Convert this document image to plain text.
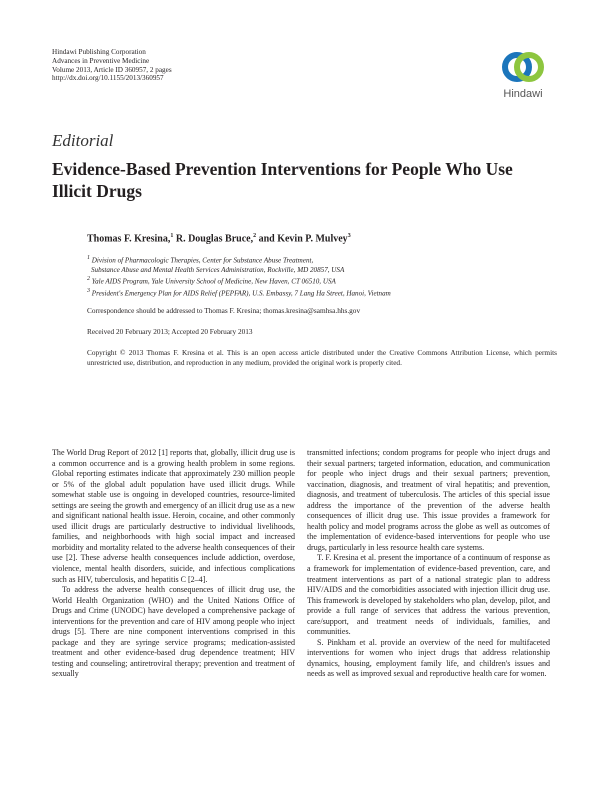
Hindawi Publishing Corporation
Advances in Preventive Medicine
Volume 2013, Article ID 360957, 2 pages
http://dx.doi.org/10.1155/2013/360957
Hindawi
Editorial
Evidence-Based Prevention Interventions for People Who Use Illicit Drugs
Thomas F. Kresina,$^1$ R. Douglas Bruce,$^2$ and Kevin P. Mulvey$^3$
$^1$ Division of Pharmacologic Therapies, Center for Substance Abuse Treatment,
Substance Abuse and Mental Health Services Administration, Rockville, MD 20857, USA
$^2$ Yale AIDS Program, Yale University School of Medicine, New Haven, CT 06510, USA
$^3$ President's Emergency Plan for AIDS Relief (PEPFAR), U.S. Embassy, 7 Lang Ha Street, Hanoi, Vietnam
Correspondence should be addressed to Thomas F. Kresina; thomas.kresina@samhsa.hhs.gov
Received 20 February 2013; Accepted 20 February 2013
Copyright © 2013 Thomas F. Kresina et al. This is an open access article distributed under the Creative Commons Attribution License, which permits unrestricted use, distribution, and reproduction in any medium, provided the original work is properly cited.

The World Drug Report of 2012 [1] reports that, globally, illicit drug use is a common occurrence and is a growing health problem in some regions. Global reporting estimates indicate that approximately 230 million people or 5% of the global adult population have used illicit drugs. While somewhat stable use is ongoing in developed countries, resource-limited settings are seeing the growth and emergency of an illicit drug use as a new and significant national health issue. Heroin, cocaine, and other commonly used illicit drugs are particularly destructive to individual livelihoods, families, and neighborhoods with high social impact and increased morbidity and mortality related to the adverse health consequences of their use [2]. These adverse health consequences include addiction, overdose, violence, mental health disorders, suicide, and infectious complications such as HIV, tuberculosis, and hepatitis C [2–4].

To address the adverse health consequences of illicit drug use, the World Health Organization (WHO) and the United Nations Office of Drugs and Crime (UNODC) have developed a comprehensive package of interventions for the prevention and care of HIV among people who inject drugs [5]. There are nine component interventions comprised in this package and they are syringe service programs; medication-assisted treatment and other evidence-based drug dependence treatment; HIV testing and counseling; antiretroviral therapy; prevention and treatment of sexually

transmitted infections; condom programs for people who inject drugs and their sexual partners; targeted information, education, and communication for people who inject drugs and their sexual partners; prevention, vaccination, diagnosis, and treatment of viral hepatitis; and prevention, diagnosis, and treatment of tuberculosis. The articles of this special issue address the importance of the prevention of the adverse health consequences of illicit drug use. This issue provides a framework for health policy and model programs across the globe as well as outcomes of the implementation of evidence-based interventions for people who use drugs, particularly in less resource health care systems.

T. F. Kresina et al. present the importance of a continuum of response as a framework for implementation of evidence-based prevention, care, and treatment interventions as part of a national strategic plan to address HIV/AIDS and the comorbidities associated with injection illicit drug use. This framework is developed by stakeholders who plan, develop, pilot, and provide a full range of services that address the various prevention, care/support, and treatment needs of individuals, families, and communities.

S. Pinkham et al. provide an overview of the need for multifaceted interventions for women who inject drugs that address relationship dynamics, housing, employment family life, and children's issues and needs as well as improved sexual and reproductive health care for women.
